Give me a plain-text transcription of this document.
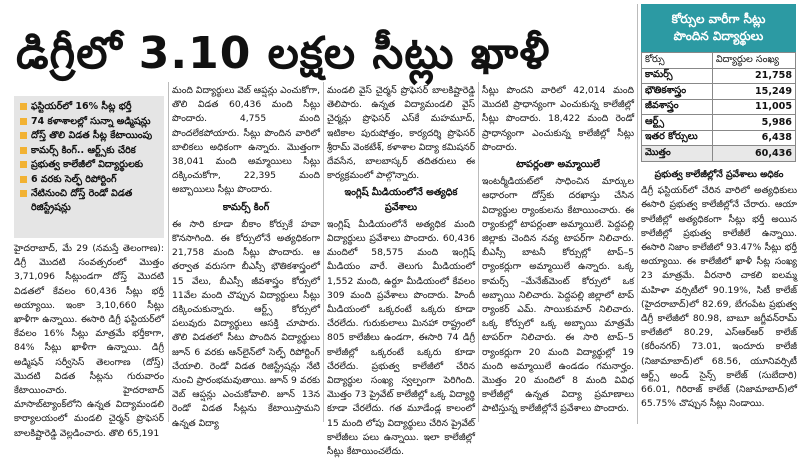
డిగ్రీలో 3.10 లక్షల సీట్లు ఖాళీ
ఫస్టియర్‌లో 16% సీట్ల భర్తీ
74 కళాశాలల్లో సున్నా అడ్మిషన్లు
దోస్త్‌ తొలి విడత సీట్ల కేటాయింపు
కామర్స్‌ కింగ్‌.. ఆర్ట్స్‌కు చేరిక
ప్రభుత్వ కాలేజీలో విద్యార్థులకు
6 వరకు సెల్ఫ్‌ రిపోర్టింగ్‌
నేటినుంచి దోస్త్‌ రెండో విడత రిజిస్ట్రేషన్లు

హైదరాబాద్‌, మే 29 (నమస్తే తెలంగాణ): డిగ్రీ మొదటి సంవత్సరంలో మొత్తం 3,71,096 సీట్లుండగా దోస్త్‌ మొదటి విడతలో కేవలం 60,436 సీట్లు భర్తీ అయ్యాయి. ఇంకా 3,10,660 సీట్లు ఖాళీగా ఉన్నాయి. ఈసారి డిగ్రీ ఫస్టియర్‌లో కేవలం 16% సీట్లు మాత్రమే భర్తీకాగా, 84% సీట్లు ఖాళీగా ఉన్నాయి. డిగ్రీ అడ్మిషన్‌ సర్వీసెస్‌ తెలంగాణ (దోస్త్‌) మొదటి విడత సీట్లను గురువారం కేటాయించారు. హైదరాబాద్‌ మాసాబ్‌ట్యాంక్‌లోని ఉన్నత విద్యామండలి కార్యాలయంలో మండలి చైర్మన్‌ ప్రొఫెసర్‌ బాలకిష్టారెడ్డి వెల్లడించారు. తొలి 65,191

మంది విద్యార్థులు వెబ్‌ ఆప్షన్లు ఎంచుకోగా, తొలి విడత 60,436 మంది సీట్లు పొందారు. 4,755 మంది పొందలేకపోయారు. సీట్లు పొందిన వారిలో బాలికలు అధికంగా ఉన్నారు. మొత్తంగా 38,041 మంది అమ్మాయిలు సీట్లు దక్కించుకోగా, 22,395 మంది అబ్బాయిలు సీట్లు పొందారు.

కామర్స్‌ కింగ్‌

ఈ సారి కూడా బీకాం కోర్సుకే హవా కొనసాగింది. ఈ కోర్సులోనే అత్యధికంగా 21,758 మంది సీట్లు పొందారు. ఆ తర్వాత వరుసగా బీఎస్సీ భౌతికశాస్త్రంలో 15 వేలు, బీఎస్సీ జీవశాస్త్రం కోర్సులో 11వేల మంది చొప్పున విద్యార్థులు సీట్లు దక్కించుకున్నారు. ఆర్ట్స్‌ కోర్సులో పలువురు విద్యార్థులు ఆసక్తి చూపారు. తొలి విడతలో సీటు పొందిన విద్యార్థులు జూన్‌ 6 వరకు ఆన్‌లైన్‌లో సెల్ఫ్‌ రిపోర్టింగ్‌ చేయాలి. రెండో విడత రిజిస్ట్రేషన్లు నేటి నుంచి ప్రారంభమవుతాయి. జూన్‌ 9 వరకు వెబ్‌ ఆప్షన్లు ఎంచుకోవాలి. జూన్‌ 13న రెండో విడత సీట్లను కేటాయిస్తామని ఉన్నత విద్యా

మండలి వైస్‌ చైర్మన్‌ ప్రొఫెసర్‌ బాలకిష్టారెడ్డి తెలిపారు. ఉన్నత విద్యామండలి వైస్‌ చైర్మన్లు ప్రొఫెసర్‌ ఎస్‌కే మహమూద్‌, ఇటికాల పురుషోత్తం, కార్యదర్శి ప్రొఫెసర్‌ శ్రీరామ్‌ వెంకటేశ్‌, కళాశాల విద్యా కమిషనర్‌ దేవసేన, బాలబాస్కర్‌ తదితరులు ఈ కార్యక్రమంలో పాల్గొన్నారు.

ఇంగ్లిష్‌ మీడియంలోనే అత్యధిక ప్రవేశాలు

ఇంగ్లిష్‌ మీడియంలోనే అత్యధిక మంది విద్యార్థులు ప్రవేశాలు పొందారు. 60,436 మందిలో 58,575 మంది ఇంగ్లిష్‌ మీడియం వారే. తెలుగు మీడియంలో 1,552 మంది, ఉర్దూ మీడియంలో కేవలం 309 మంది ప్రవేశాలు పొందారు. హిందీ మీడియంలో ఒక్కరంటే ఒక్కరు కూడా చేరలేదు. గురుకులాలు మినహా రాష్ట్రంలో 805 కాలేజీలు ఉండగా, ఈసారి 74 డిగ్రీ కాలేజీల్లో ఒక్కరంటే ఒక్కరు కూడా చేరలేదు. ప్రభుత్వ కాలేజీలో చేరిన విద్యార్థుల సంఖ్య స్వల్పంగా పెరిగింది. మొత్తం 73 ప్రైవేట్‌ కాలేజీల్లో ఒక్క విద్యార్థి కూడా చేరలేదు. గత మూడేండ్ల కాలంలో 15 మంది లోపు విద్యార్థులు చేరిన ప్రైవేట్‌ కాలేజీలు పలు ఉన్నాయి. ఇలా కాలేజీల్లో సీట్లు కేటాయించలేదు.

సీట్లు పొందని వారిలో 42,014 మంది మొదటి ప్రాధాన్యంగా ఎంచుకున్న కాలేజీల్లో సీట్లు పొందారు. 18,422 మంది రెండో ప్రాధాన్యంగా ఎంచుకున్న కాలేజీల్లో సీట్లు పొందారు.

టాపర్లంతా అమ్మాయిలే

ఇంటర్మీడియట్‌లో సాధించిన మార్కుల ఆధారంగా దోస్త్‌కు దరఖాస్తు చేసిన విద్యార్థుల ర్యాంకులను కేటాయించారు. ఈ ర్యాంకుల్లో టాపర్లంతా అమ్మాయిలే. పెద్దపల్లి జిల్లాకు చెందిన నవ్య టాపర్‌గా నిలిచారు. బీఎస్సీ బాటనీ కోర్సుల్లో టాప్‌–5 ర్యాంకర్లుగా అమ్మాయిలే ఉన్నారు. ఒక్క కామర్స్‌ –మేనేజ్‌మెంట్‌ కోర్సులో ఒక అబ్బాయి నిలిచారు. పెద్దపల్లి జిల్లాలో టాప్‌ ర్యాంకర్‌ ఎమ్‌. సాయికుమార్‌ నిలిచారు. ఒక్క కోర్సులో ఒక్క అబ్బాయి మాత్రమే టాపర్‌గా నిలిచారు. ఈ సారి టాప్‌–5 ర్యాంకర్లుగా 20 మంది విద్యార్థుల్లో 19 మంది అమ్మాయిలే ఉండడం గమనార్హం. మొత్తం 20 మందిలో 8 మంది వివిధ కాలేజీల్లో ఉన్నత విద్యా ప్రమాణాలు పాటిస్తున్న కాలేజీల్లోనే ప్రవేశాలు పొందారు.

కోర్సుల వారీగా సీట్లు
పొందిన విద్యార్థులు
కోర్సు	విద్యార్థుల సంఖ్య
కామర్స్‌	21,758
భౌతికశాస్త్రం	15,249
జీవశాస్త్రం	11,005
ఆర్ట్స్‌	5,986
ఇతర కోర్సులు	6,438
మొత్తం	60,436
ప్రభుత్వ కాలేజీల్లోనే ప్రవేశాలు అధికం

డిగ్రీ ఫస్టియర్‌లో చేరిన వారిలో అత్యధికులు ఈసారి ప్రభుత్వ కాలేజీల్లోనే చేరారు. ఆయా కాలేజీల్లో అత్యధికంగా సీట్లు భర్తీ అయిన కాలేజీల్లో ప్రభుత్వ కాలేజీలే ఉన్నాయి. ఈసారి నిజాం కాలేజీలో 93.47% సీట్లు భర్తీ అయ్యాయి. ఈ కాలేజీలో ఖాళీ సీట్ల సంఖ్య 23 మాత్రమే. వీరనారి చాకలి ఐలమ్మ మహిళా వర్సిటీలో 90.19%, సిటీ కాలేజ్‌ (హైదరాబాద్‌)లో 82.69, బేగంపేట ప్రభుత్వ డిగ్రీ కాలేజీలో 80.98, బాబూ జగ్జీవన్‌రామ్‌ కాలేజీలో 80.29, ఎస్‌ఆర్‌ఆర్‌ కాలేజ్‌ (కరీంనగర్‌) 73.01, ఇందూరు కాలేజీ (నిజామాబాద్‌)లో 68.56, యూనివర్సిటీ ఆర్ట్స్‌ అండ్‌ సైన్స్‌ కాలేజ్‌ (సుబేదారి) 66.01, గిరిరాజ్‌ కాలేజ్‌ (నిజామాబాద్‌)లో 65.75% చొప్పున సీట్లు నిండాయి.
